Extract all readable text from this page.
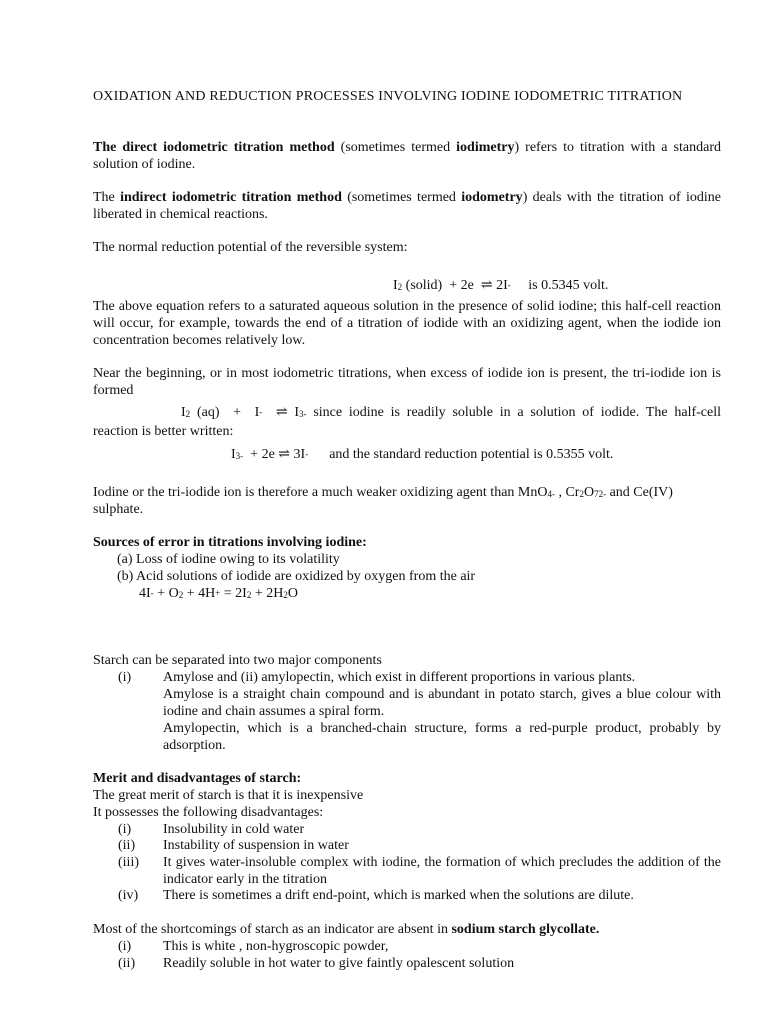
OXIDATION AND REDUCTION PROCESSES INVOLVING IODINE IODOMETRIC TITRATION

The direct iodometric titration method (sometimes termed iodimetry) refers to titration with a standard solution of iodine.

The indirect iodometric titration method (sometimes termed iodometry) deals with the titration of iodine liberated in chemical reactions.

The normal reduction potential of the reversible system:

I2 (solid)  + 2e  ⇌ 2I-     is 0.5345 volt.

The above equation refers to a saturated aqueous solution in the presence of solid iodine; this half-cell reaction will occur, for example, towards the end of a titration of iodide with an oxidizing agent, when the iodide ion concentration becomes relatively low.

Near the beginning, or in most iodometric titrations, when excess of iodide ion is present, the tri-iodide ion is formed

I2 (aq)  +  I-  ⇌ I3- since iodine is readily soluble in a solution of iodide. The half-cell

reaction is better written:

I3-  + 2e ⇌ 3I-      and the standard reduction potential is 0.5355 volt.
Iodine or the tri-iodide ion is therefore a much weaker oxidizing agent than MnO4- , Cr2O72- and Ce(IV)
sulphate.
Sources of error in titrations involving iodine:
(a) Loss of iodine owing to its volatility
(b) Acid solutions of iodide are oxidized by oxygen from the air
4I- + O2 + 4H+ = 2I2 + 2H2O
Starch can be separated into two major components
(i) Amylose and (ii) amylopectin, which exist in different proportions in various plants.
Amylose is a straight chain compound and is abundant in potato starch, gives a blue colour with iodine and chain assumes a spiral form.
Amylopectin, which is a branched-chain structure, forms a red-purple product, probably by adsorption.
Merit and disadvantages of starch:
The great merit of starch is that it is inexpensive
It possesses the following disadvantages:
(i) Insolubility in cold water
(ii) Instability of suspension in water
(iii) It gives water-insoluble complex with iodine, the formation of which precludes the addition of the indicator early in the titration
(iv) There is sometimes a drift end-point, which is marked when the solutions are dilute.
Most of the shortcomings of starch as an indicator are absent in sodium starch glycollate.
(i) This is white , non-hygroscopic powder,
(ii) Readily soluble in hot water to give faintly opalescent solution
